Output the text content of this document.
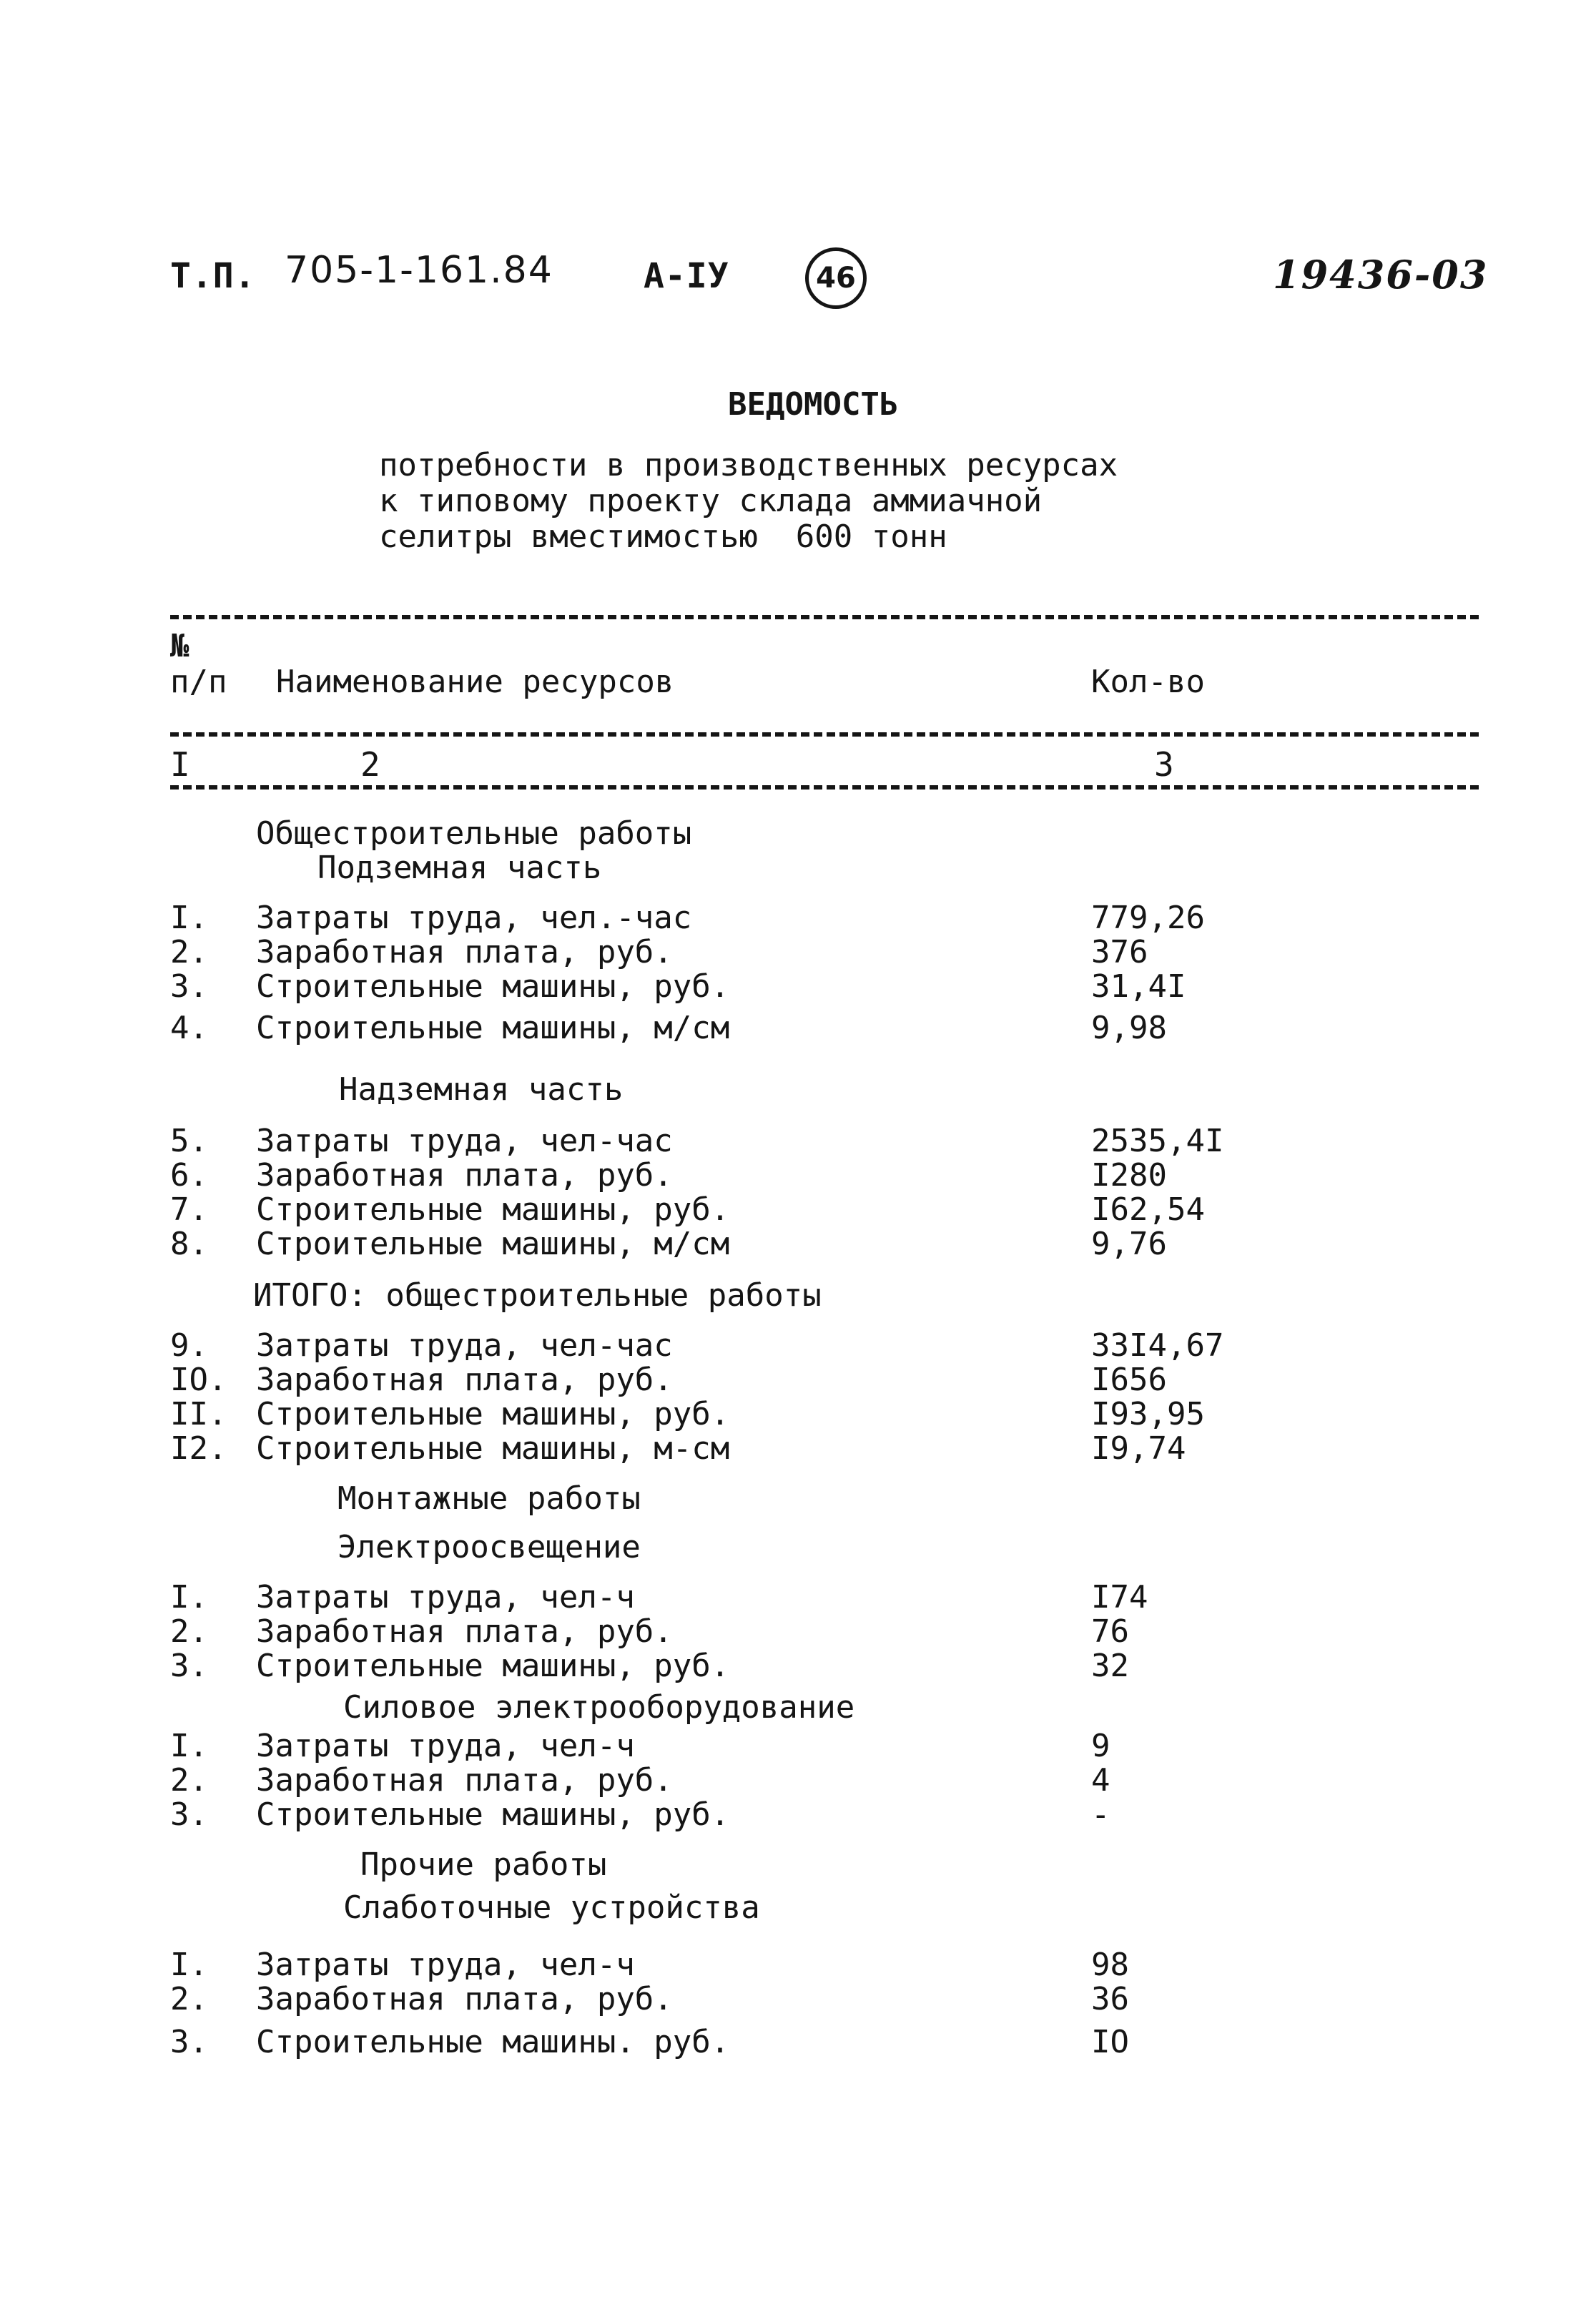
Т.П. 705-1-161.84	А-IУ	46	19436-03
ВЕДОМОСТЬ
потребности в производственных ресурсах
к типовому проекту склада аммиачной
селитры вместимостью  600 тонн
№
п/п Наименование ресурсов	Кол-во
I	2	3
Общестроительные работы
Подземная часть
I. Затраты труда, чел.-час	779,26
2. Заработная плата, руб.	376
3. Строительные машины, руб.	31,4I
4. Строительные машины, м/см	9,98
Надземная часть
5. Затраты труда, чел-час	2535,4I
6. Заработная плата, руб.	I280
7. Строительные машины, руб.	I62,54
8. Строительные машины, м/см	9,76
ИТОГО: общестроительные работы
9. Затраты труда, чел-час	33I4,67
IO. Заработная плата, руб.	I656
II. Строительные машины, руб.	I93,95
I2. Строительные машины, м-см	I9,74
Монтажные работы
Электроосвещение
I. Затраты труда, чел-ч	I74
2. Заработная плата, руб.	76
3. Строительные машины, руб.	32
Силовое электрооборудование
I. Затраты труда, чел-ч	9
2. Заработная плата, руб.	4
3. Строительные машины, руб.	-
Прочие работы
Слаботочные устройства
I. Затраты труда, чел-ч	98
2. Заработная плата, руб.	36
3. Строительные машины. руб.	IO
